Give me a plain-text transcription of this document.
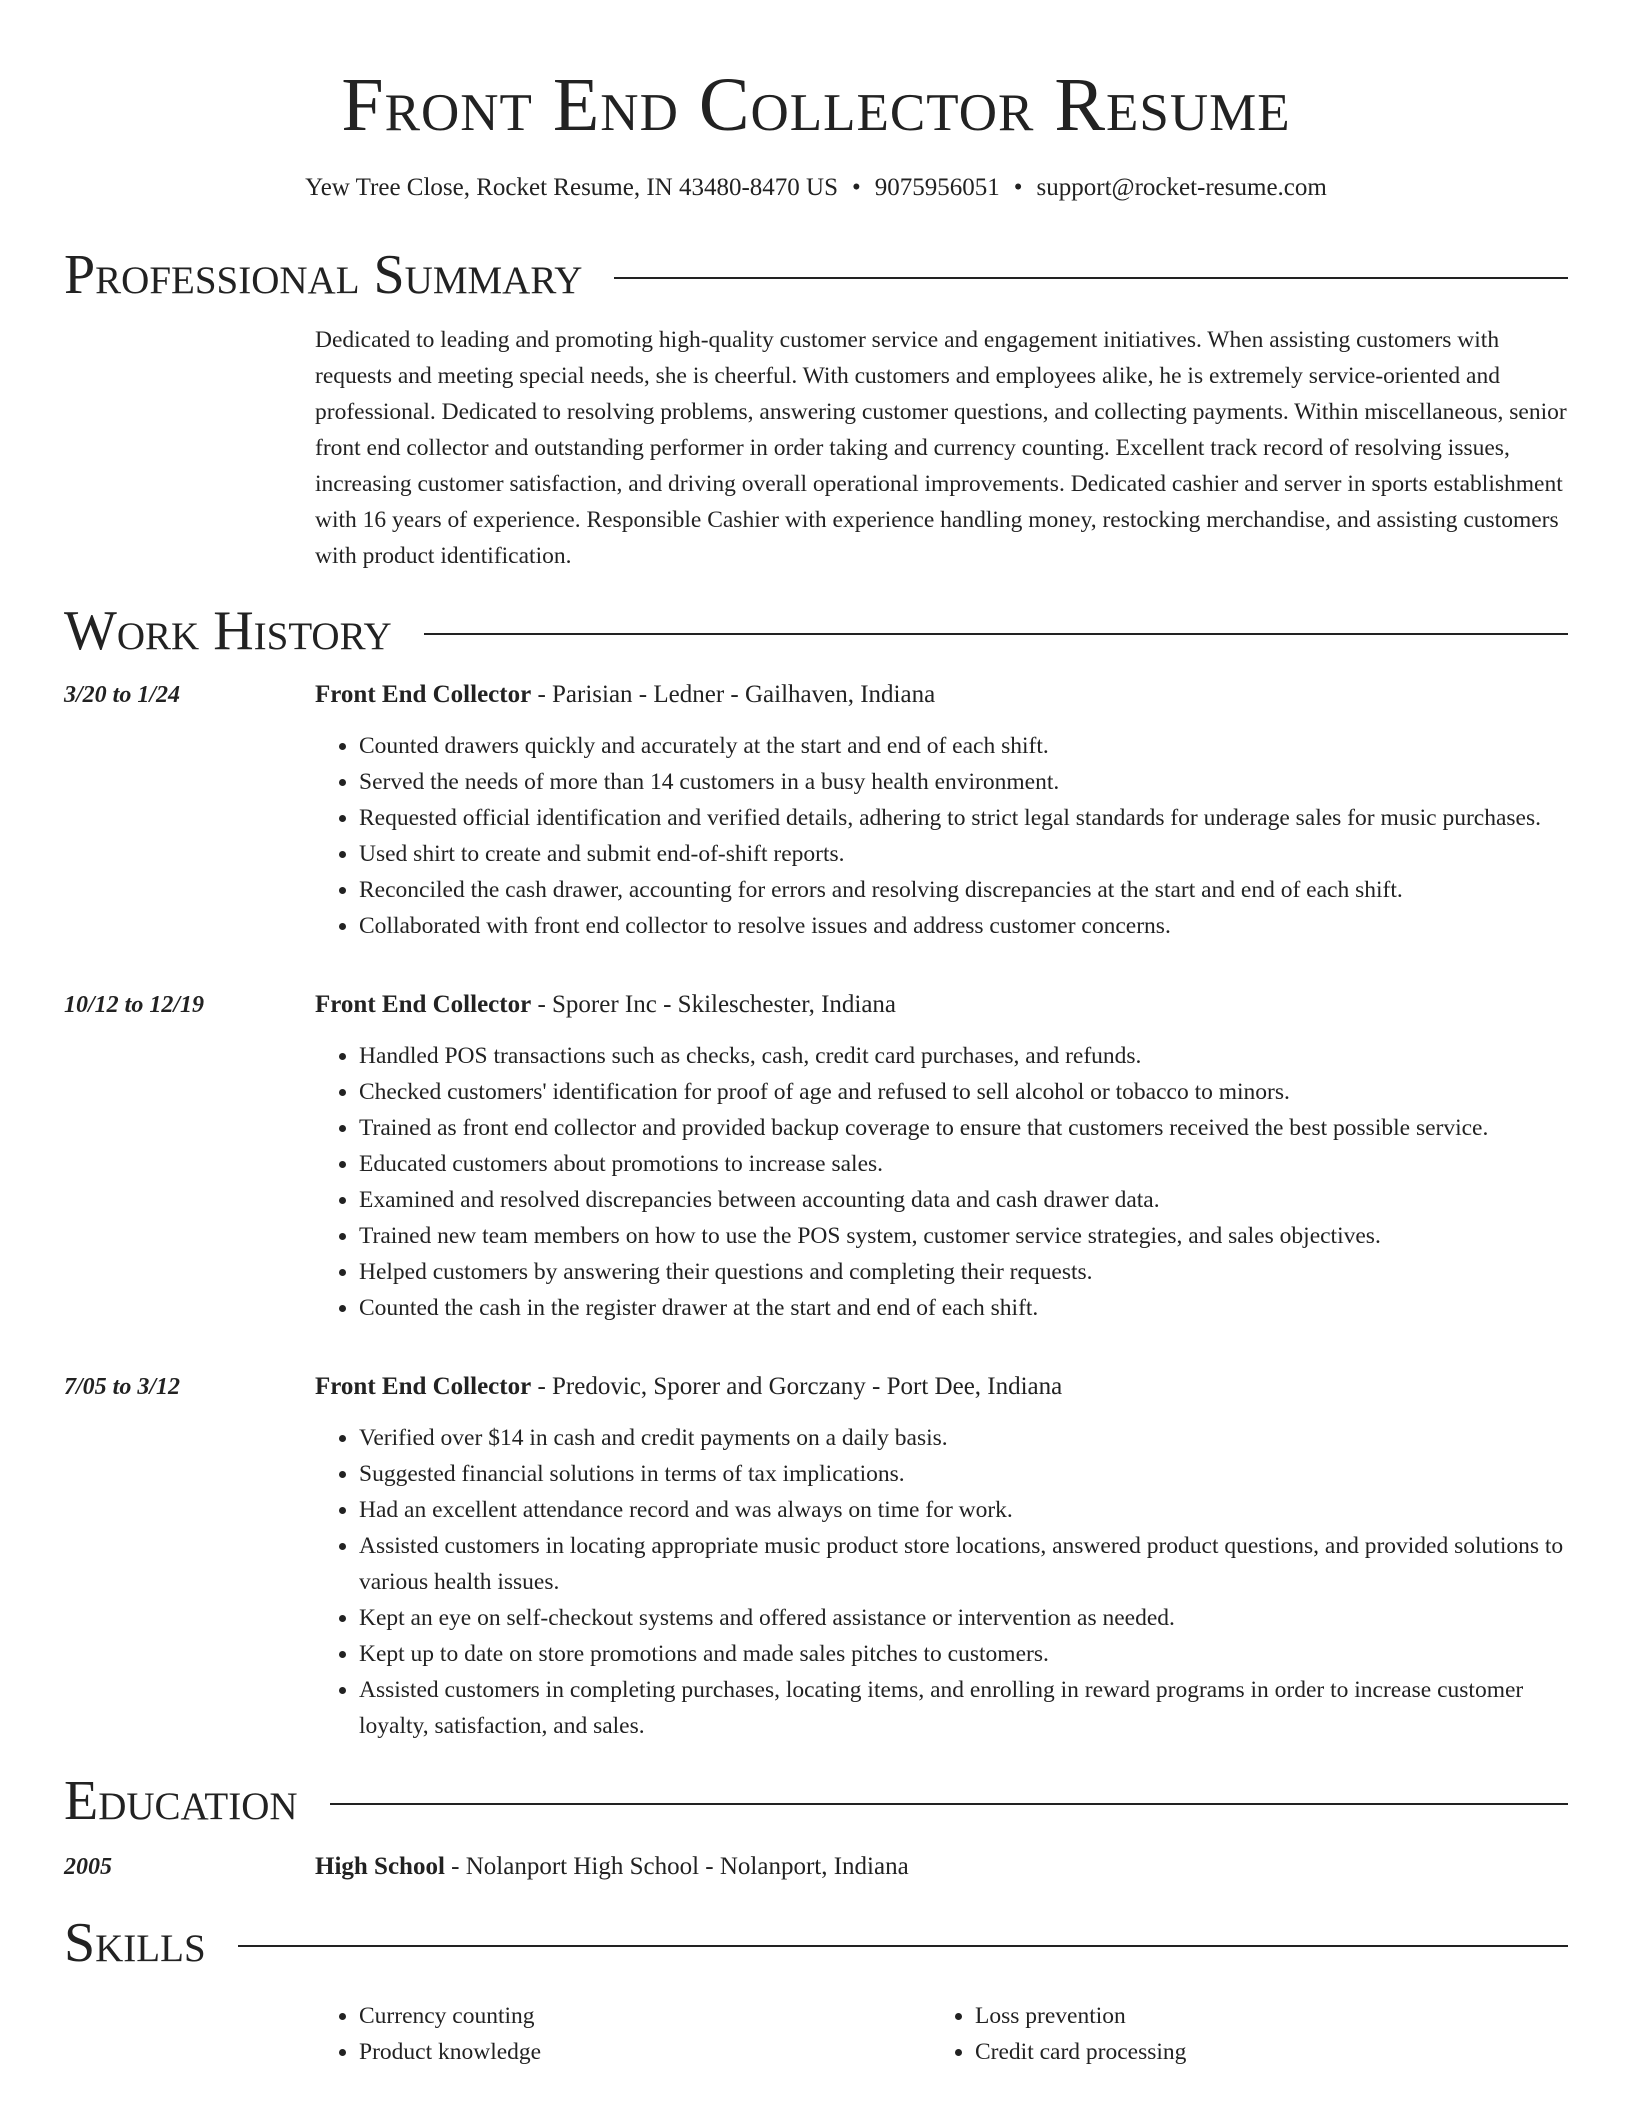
Front End Collector Resume
Yew Tree Close, Rocket Resume, IN 43480-8470 US • 9075956051 • support@rocket-resume.com
Professional Summary
Dedicated to leading and promoting high-quality customer service and engagement initiatives. When assisting customers with requests and meeting special needs, she is cheerful. With customers and employees alike, he is extremely service-oriented and professional. Dedicated to resolving problems, answering customer questions, and collecting payments. Within miscellaneous, senior front end collector and outstanding performer in order taking and currency counting. Excellent track record of resolving issues, increasing customer satisfaction, and driving overall operational improvements. Dedicated cashier and server in sports establishment with 16 years of experience. Responsible Cashier with experience handling money, restocking merchandise, and assisting customers with product identification.
Work History
3/20 to 1/24	Front End Collector - Parisian - Ledner - Gailhaven, Indiana
• Counted drawers quickly and accurately at the start and end of each shift.
• Served the needs of more than 14 customers in a busy health environment.
• Requested official identification and verified details, adhering to strict legal standards for underage sales for music purchases.
• Used shirt to create and submit end-of-shift reports.
• Reconciled the cash drawer, accounting for errors and resolving discrepancies at the start and end of each shift.
• Collaborated with front end collector to resolve issues and address customer concerns.
10/12 to 12/19	Front End Collector - Sporer Inc - Skileschester, Indiana
• Handled POS transactions such as checks, cash, credit card purchases, and refunds.
• Checked customers' identification for proof of age and refused to sell alcohol or tobacco to minors.
• Trained as front end collector and provided backup coverage to ensure that customers received the best possible service.
• Educated customers about promotions to increase sales.
• Examined and resolved discrepancies between accounting data and cash drawer data.
• Trained new team members on how to use the POS system, customer service strategies, and sales objectives.
• Helped customers by answering their questions and completing their requests.
• Counted the cash in the register drawer at the start and end of each shift.
7/05 to 3/12	Front End Collector - Predovic, Sporer and Gorczany - Port Dee, Indiana
• Verified over $14 in cash and credit payments on a daily basis.
• Suggested financial solutions in terms of tax implications.
• Had an excellent attendance record and was always on time for work.
• Assisted customers in locating appropriate music product store locations, answered product questions, and provided solutions to various health issues.
• Kept an eye on self-checkout systems and offered assistance or intervention as needed.
• Kept up to date on store promotions and made sales pitches to customers.
• Assisted customers in completing purchases, locating items, and enrolling in reward programs in order to increase customer loyalty, satisfaction, and sales.
Education
2005	High School - Nolanport High School - Nolanport, Indiana
Skills
• Currency counting
• Product knowledge
• Loss prevention
• Credit card processing
